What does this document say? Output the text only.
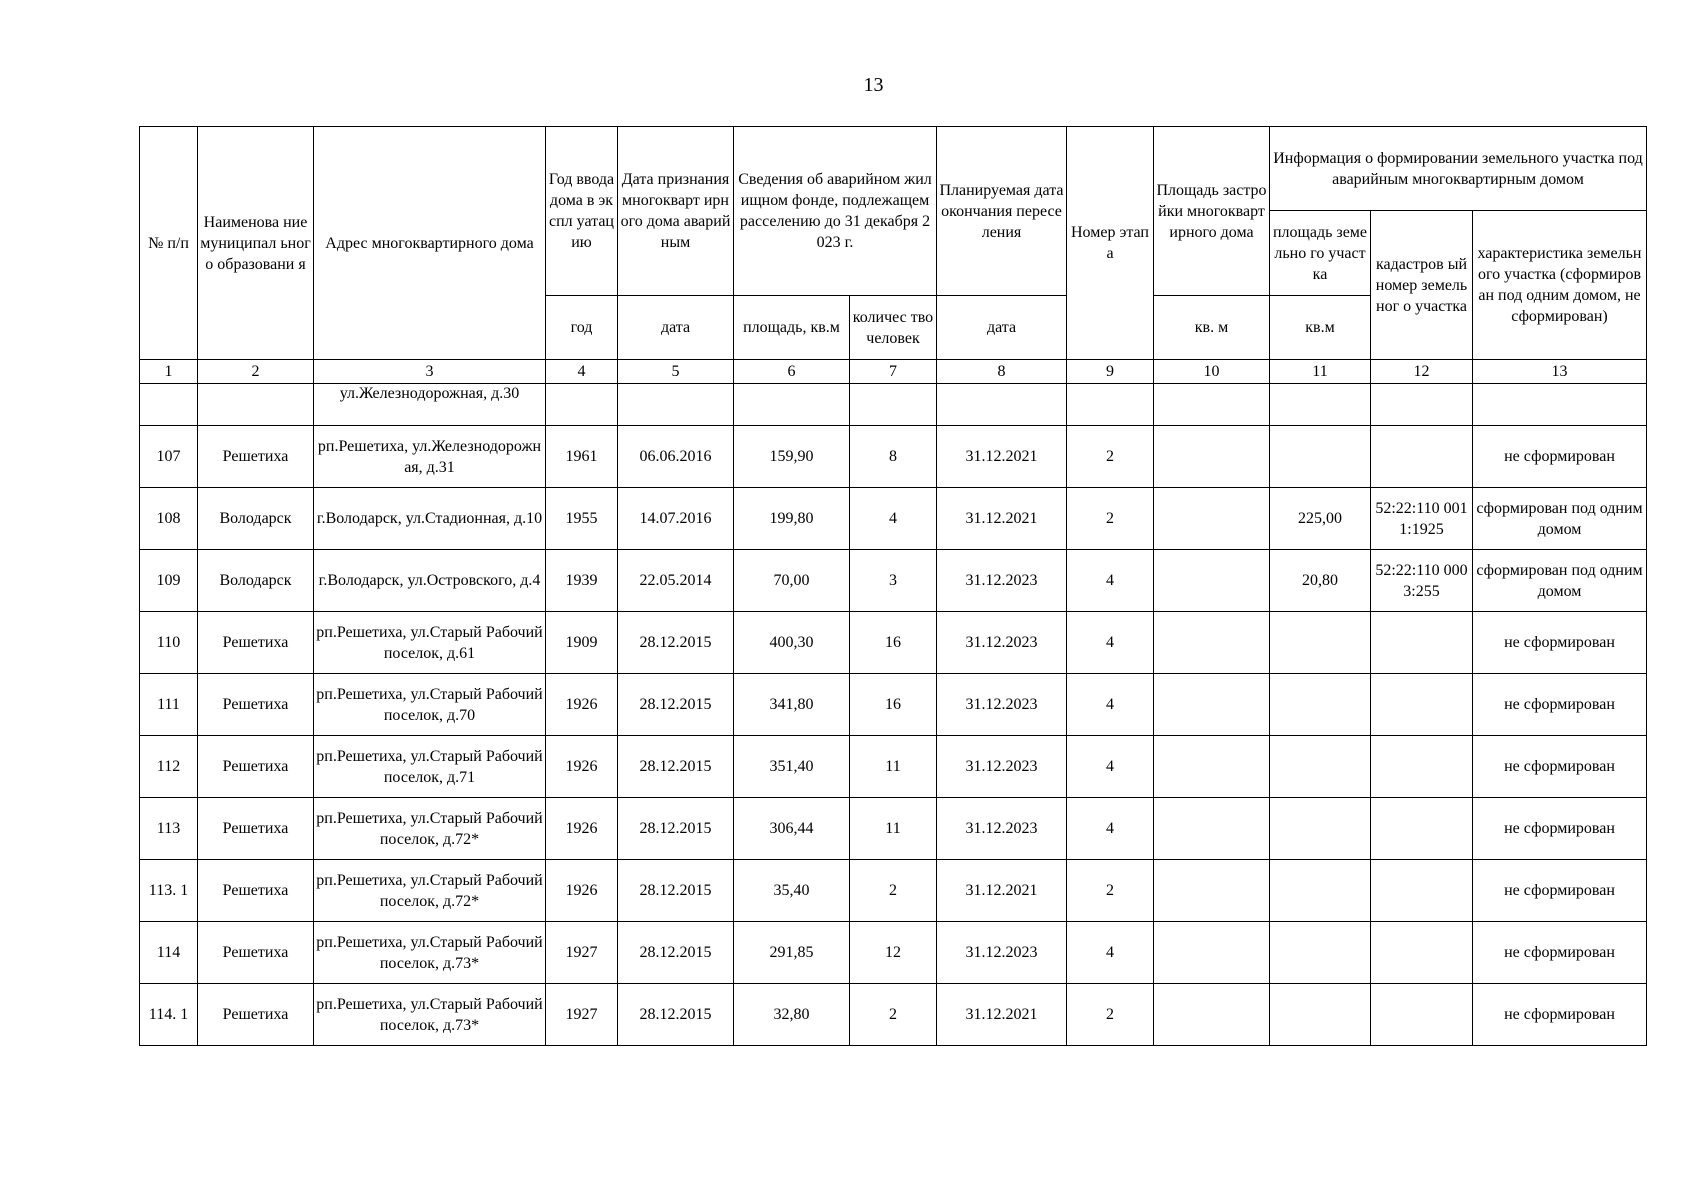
13
№ п/п	Наименова ние муниципал ьного образовани я	Адрес многоквартирного дома	Год ввода дома в экспл уатац ию	Дата признания многокварт ирного дома аварийным	Сведения об аварийном жилищном фонде, подлежащем расселению до 31 декабря 2023 г.		Планируемая дата окончания переселения	Номер этапа	Площадь застройки многокварт ирного дома	Информация о формировании земельного участка под аварийным многоквартирным домом		
										площадь земельно го участка	кадастров ый номер земельног о участка	характеристика земельного участка (сформирован под одним домом, не сформирован)
			год	дата	площадь, кв.м	количес тво человек	дата		кв. м	кв.м		
1	2	3	4	5	6	7	8	9	10	11	12	13
		ул.Железнодорожная, д.30										
107	Решетиха	рп.Решетиха, ул.Железнодорожная, д.31	1961	06.06.2016	159,90	8	31.12.2021	2				не сформирован
108	Володарск	г.Володарск, ул.Стадионная, д.10	1955	14.07.2016	199,80	4	31.12.2021	2		225,00	52:22:110 0011:1925	сформирован под одним домом
109	Володарск	г.Володарск, ул.Островского, д.4	1939	22.05.2014	70,00	3	31.12.2023	4		20,80	52:22:110 0003:255	сформирован под одним домом
110	Решетиха	рп.Решетиха, ул.Старый Рабочий поселок, д.61	1909	28.12.2015	400,30	16	31.12.2023	4				не сформирован
111	Решетиха	рп.Решетиха, ул.Старый Рабочий поселок, д.70	1926	28.12.2015	341,80	16	31.12.2023	4				не сформирован
112	Решетиха	рп.Решетиха, ул.Старый Рабочий поселок, д.71	1926	28.12.2015	351,40	11	31.12.2023	4				не сформирован
113	Решетиха	рп.Решетиха, ул.Старый Рабочий поселок, д.72*	1926	28.12.2015	306,44	11	31.12.2023	4				не сформирован
113. 1	Решетиха	рп.Решетиха, ул.Старый Рабочий поселок, д.72*	1926	28.12.2015	35,40	2	31.12.2021	2				не сформирован
114	Решетиха	рп.Решетиха, ул.Старый Рабочий поселок, д.73*	1927	28.12.2015	291,85	12	31.12.2023	4				не сформирован
114. 1	Решетиха	рп.Решетиха, ул.Старый Рабочий поселок, д.73*	1927	28.12.2015	32,80	2	31.12.2021	2				не сформирован
